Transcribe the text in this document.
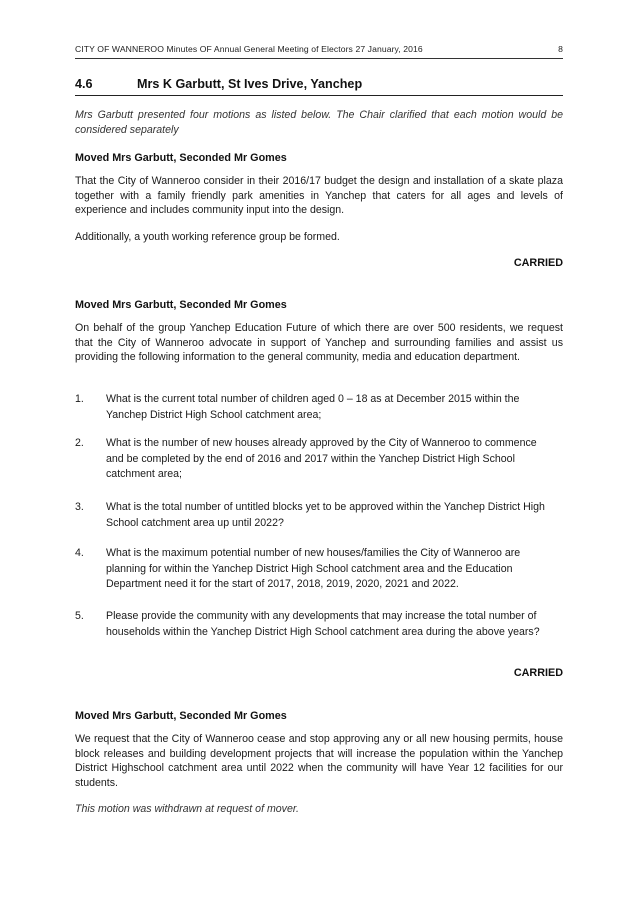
CITY OF WANNEROO Minutes OF Annual General Meeting of Electors 27 January, 2016	8
4.6	Mrs K Garbutt, St Ives Drive, Yanchep
Mrs Garbutt presented four motions as listed below. The Chair clarified that each motion would be considered separately
Moved Mrs Garbutt, Seconded Mr Gomes
That the City of Wanneroo consider in their 2016/17 budget the design and installation of a skate plaza together with a family friendly park amenities in Yanchep that caters for all ages and levels of experience and includes community input into the design.
Additionally, a youth working reference group be formed.
CARRIED
Moved Mrs Garbutt, Seconded Mr Gomes
On behalf of the group Yanchep Education Future of which there are over 500 residents, we request that the City of Wanneroo advocate in support of Yanchep and surrounding families and assist us providing the following information to the general community, media and education department.
1.	What is the current total number of children aged 0 – 18 as at December 2015 within the Yanchep District High School catchment area;
2.	What is the number of new houses already approved by the City of Wanneroo to commence and be completed by the end of 2016 and 2017 within the Yanchep District High School catchment area;
3.	What is the total number of untitled blocks yet to be approved within the Yanchep District High School catchment area up until 2022?
4.	What is the maximum potential number of new houses/families the City of Wanneroo are planning for within the Yanchep District High School catchment area and the Education Department need it for the start of 2017, 2018, 2019, 2020, 2021 and 2022.
5.	Please provide the community with any developments that may increase the total number of households within the Yanchep District High School catchment area during the above years?
CARRIED
Moved Mrs Garbutt, Seconded Mr Gomes
We request that the City of Wanneroo cease and stop approving any or all new housing permits, house block releases and building development projects that will increase the population within the Yanchep District Highschool catchment area until 2022 when the community will have Year 12 facilities for our students.
This motion was withdrawn at request of mover.
